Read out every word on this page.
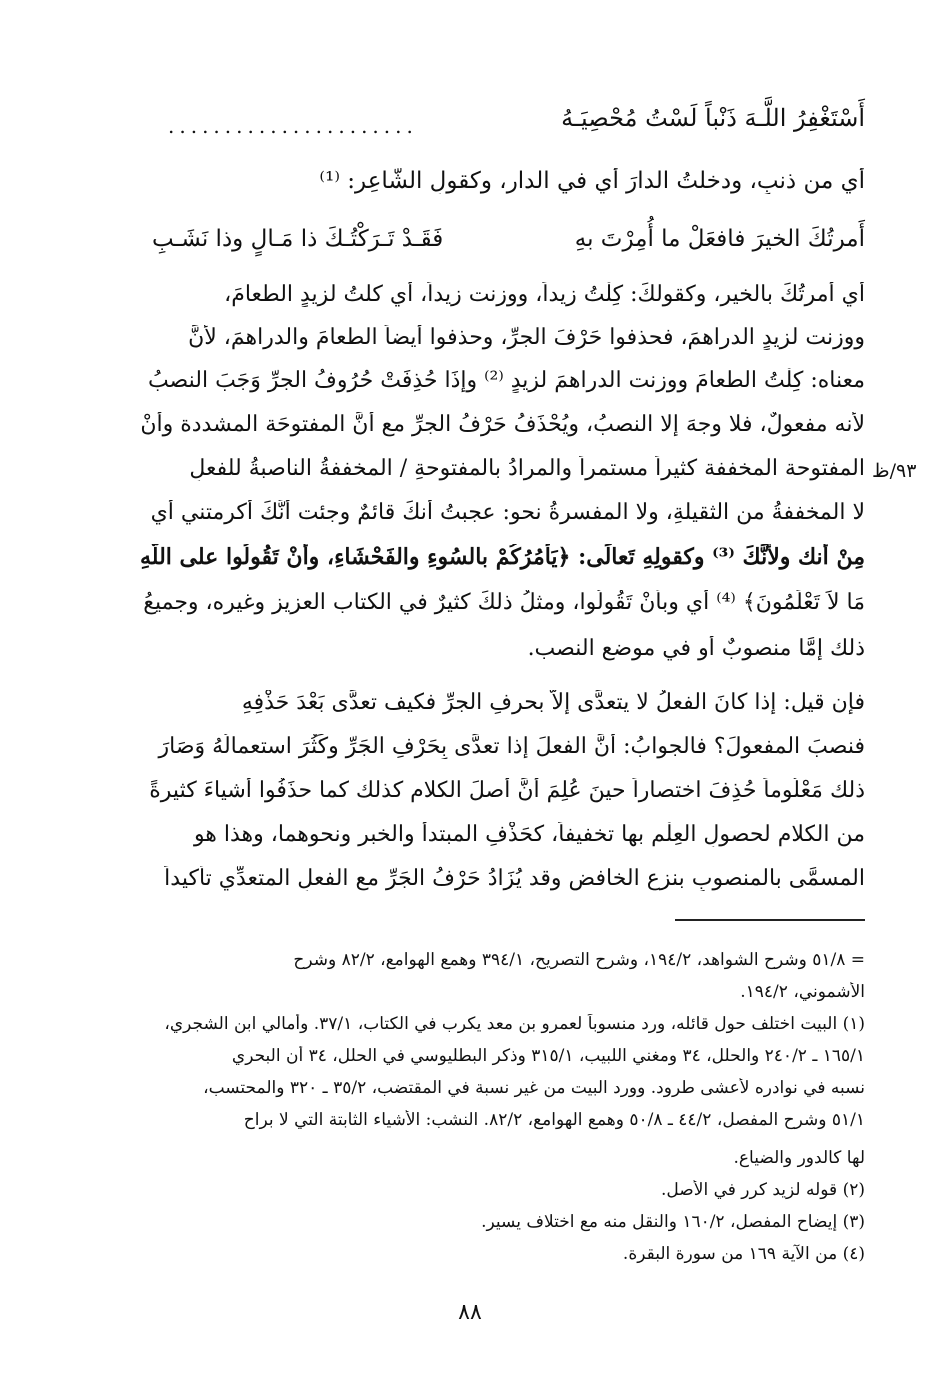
أَسْتَغْفِرُ اللَّـهَ ذَنْباً لَسْتُ مُحْصِيَـهُ
......................
أي من ذنبٍ، ودخلتُ الدارَ أي في الدار، وكقولِ الشَّاعِرِ: ⁽¹⁾
أَمرتُكَ الخيرَ فافعَلْ ما أُمِرْتَ بهِ
فَقَـدْ تَـرَكْتُـكَ ذا مَـالٍ وذا نَشَـبِ
أي أمرتُكَ بالخيرِ، وكقولكَ: كِلْتُ زيداً، ووزنت زيداً، أَي كلتُ لزيدٍ الطعامَ،
ووزنت لزيدٍ الدراهمَ، فحذفوا حَرْفَ الجرِّ، وحذفوا أيضاً الطعامَ والدراهمَ، لأنَّ
معناه: كِلْتُ الطعامَ ووزنت الدراهمَ لزيدٍ ⁽²⁾ وإذَا حُذِفَتْ حُرُوفُ الجرِّ وَجَبَ النصبُ
لأنه مفعولٌ، فلا وجهَ إلا النصبُ، ويُحْذَفُ حَرْفُ الجرِّ مع أَنَّ المفتوحَة المشددة وأَنْ
المفتوحة المخففة كثيراً مستمراً والمرادُ بالمفتوحةِ / المخففةُ الناصبةُ للفعلِ
لا المخففةُ من الثقيلةِ، ولا المفسرةُ نحو: عجبتُ أنكَ قائمٌ وجئت أَنَّكَ أكرمتني أي
مِنْ أنك ولأَنَّكَ ⁽³⁾ وكقولِهِ تَعالَى: ﴿يَأْمُرُكُمْ بالسُوءِ والفَحْشَاءِ، وأَنْ تَقُولُوا على اللَّهِ
مَا لاَ تَعْلَمُونَ﴾ ⁽⁴⁾ أي وبأنْ تَقُولُوا، ومثلُ ذلكَ كثيرٌ في الكتاب العزيز وغيره، وجميعُ
ذلك إمَّا منصوبٌ أو في موضعِ النصب.
٩٣/ظ
فإن قيل: إذا كانَ الفعلُ لا يتعدَّى إلاَّ بحرفِ الجرِّ فكيف تعدَّى بَعْدَ حَذْفِهِ
فنصبَ المفعولَ؟ فالجوابُ: أَنَّ الفعلَ إذا تعدَّى بِحَرْفِ الجَرِّ وكَثُرَ استعمالُهُ وَصَارَ
ذلك مَعْلُوماً حُذِفَ اختصاراً حينَ عُلِمَ أَنَّ أصلَ الكلام كذلك كما حذَفُوا أشياءَ كثيرةً
من الكلام لحصولِ العِلْمِ بها تخفيفاً، كحَذْفِ المبتدأ والخبر ونحوهما، وهذا هو
المسمَّى بالمنصوبِ بنزعِ الخافضِ وقد يُزَادُ حَرْفُ الجَرِّ مع الفعلِ المتعدِّي تأكيداً
= ٥١/٨ وشرح الشواهد، ١٩٤/٢، وشرح التصريح، ٣٩٤/١ وهمع الهوامع، ٨٢/٢ وشرح
الأشموني، ١٩٤/٢.
(١) البيت اختلف حول قائله، ورد منسوباً لعمرو بن معد يكرب في الكتاب، ٣٧/١. وأمالي ابن الشجري،
١٦٥/١ ـ ٢٤٠/٢ والحلل، ٣٤ ومغني اللبيب، ٣١٥/١ وذكر البطليوسي في الحلل، ٣٤ أن البحري
نسبه في نوادره لأعشى طرود. وورد البيت من غير نسبة في المقتضب، ٣٥/٢ ـ ٣٢٠ والمحتسب،
٥١/١ وشرح المفصل، ٤٤/٢ ـ ٥٠/٨ وهمع الهوامع، ٨٢/٢. النشب: الأشياء الثابتة التي لا براح
لها كالدور والضياع.
(٢) قوله لزيد كرر في الأصل.
(٣) إيضاح المفصل، ١٦٠/٢ والنقل منه مع اختلاف يسير.
(٤) من الآية ١٦٩ من سورة البقرة.
٨٨
